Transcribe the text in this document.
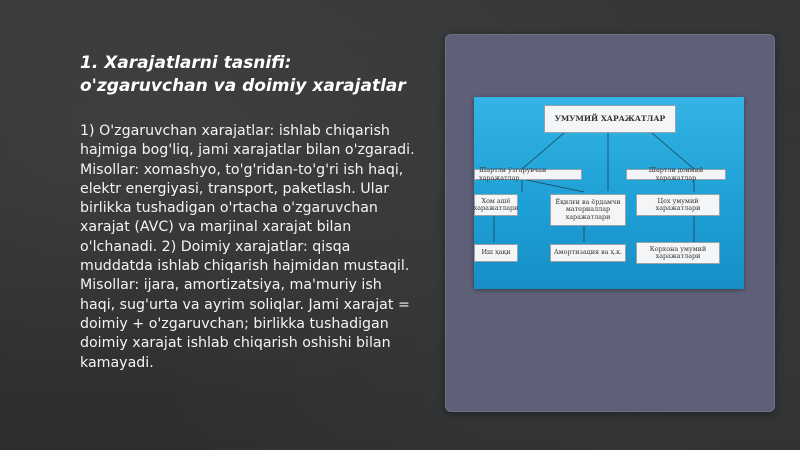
1. Xarajatlarni tasnifi: o'zgaruvchan va doimiy xarajatlar

1) O'zgaruvchan xarajatlar: ishlab chiqarish hajmiga bog'liq, jami xarajatlar bilan o'zgaradi. Misollar: xomashyo, to'g'ridan-to'g'ri ish haqi, elektr energiyasi, transport, paketlash. Ular birlikka tushadigan o'rtacha o'zgaruvchan xarajat (AVC) va marjinal xarajat bilan o'lchanadi. 2) Doimiy xarajatlar: qisqa muddatda ishlab chiqarish hajmidan mustaqil. Misollar: ijara, amortizatsiya, ma'muriy ish haqi, sug'urta va ayrim soliqlar. Jami xarajat = doimiy + o'zgaruvchan; birlikka tushadigan doimiy xarajat ishlab chiqarish oshishi bilan kamayadi.

УМУМИЙ ХАРАЖАТЛАР
Шартли ўзгарувчан харажатлар
Шартли доимий харажатлар
Хом ашё харажатлари
Ёқилғи ва ёрдамчи материаллар харажатлари
Цех умумий харажатлари
Иш ҳақи	Амортизация ва ҳ.к.	Корхона умумий харажатлари
